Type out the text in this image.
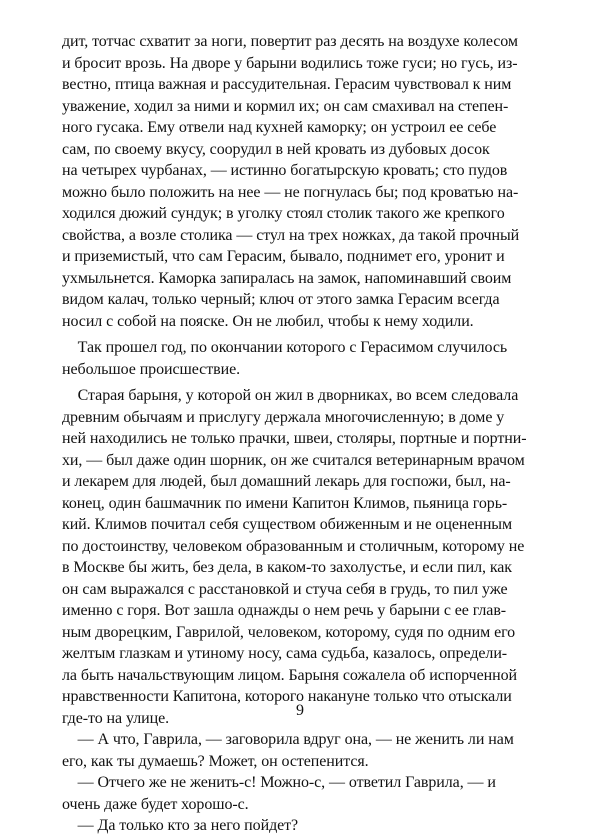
дит, тотчас схватит за ноги, повертит раз десять на воздухе колесом
и бросит врозь. На дворе у барыни водились тоже гуси; но гусь, из-
вестно, птица важная и рассудительная. Герасим чувствовал к ним
уважение, ходил за ними и кормил их; он сам смахивал на степен-
ного гусака. Ему отвели над кухней каморку; он устроил ее себе
сам, по своему вкусу, соорудил в ней кровать из дубовых досок
на четырех чурбанах, — истинно богатырскую кровать; сто пудов
можно было положить на нее — не погнулась бы; под кроватью на-
ходился дюжий сундук; в уголку стоял столик такого же крепкого
свойства, а возле столика — стул на трех ножках, да такой прочный
и приземистый, что сам Герасим, бывало, поднимет его, уронит и
ухмыльнется. Каморка запиралась на замок, напоминавший своим
видом калач, только черный; ключ от этого замка Герасим всегда
носил с собой на пояске. Он не любил, чтобы к нему ходили.
Так прошел год, по окончании которого с Герасимом случилось
небольшое происшествие.
Старая барыня, у которой он жил в дворниках, во всем следовала
древним обычаям и прислугу держала многочисленную; в доме у
ней находились не только прачки, швеи, столяры, портные и портни-
хи, — был даже один шорник, он же считался ветеринарным врачом
и лекарем для людей, был домашний лекарь для госпожи, был, на-
конец, один башмачник по имени Капитон Климов, пьяница горь-
кий. Климов почитал себя существом обиженным и не оцененным
по достоинству, человеком образованным и столичным, которому не
в Москве бы жить, без дела, в каком-то захолустье, и если пил, как
он сам выражался с расстановкой и стуча себя в грудь, то пил уже
именно с горя. Вот зашла однажды о нем речь у барыни с ее глав-
ным дворецким, Гаврилой, человеком, которому, судя по одним его
желтым глазкам и утиному носу, сама судьба, казалось, определи-
ла быть начальствующим лицом. Барыня сожалела об испорченной
нравственности Капитона, которого накануне только что отыскали
где-то на улице.
— А что, Гаврила, — заговорила вдруг она, — не женить ли нам
его, как ты думаешь? Может, он остепенится.
— Отчего же не женить-с! Можно-с, — ответил Гаврила, — и
очень даже будет хорошо-с.
— Да только кто за него пойдет?
9
